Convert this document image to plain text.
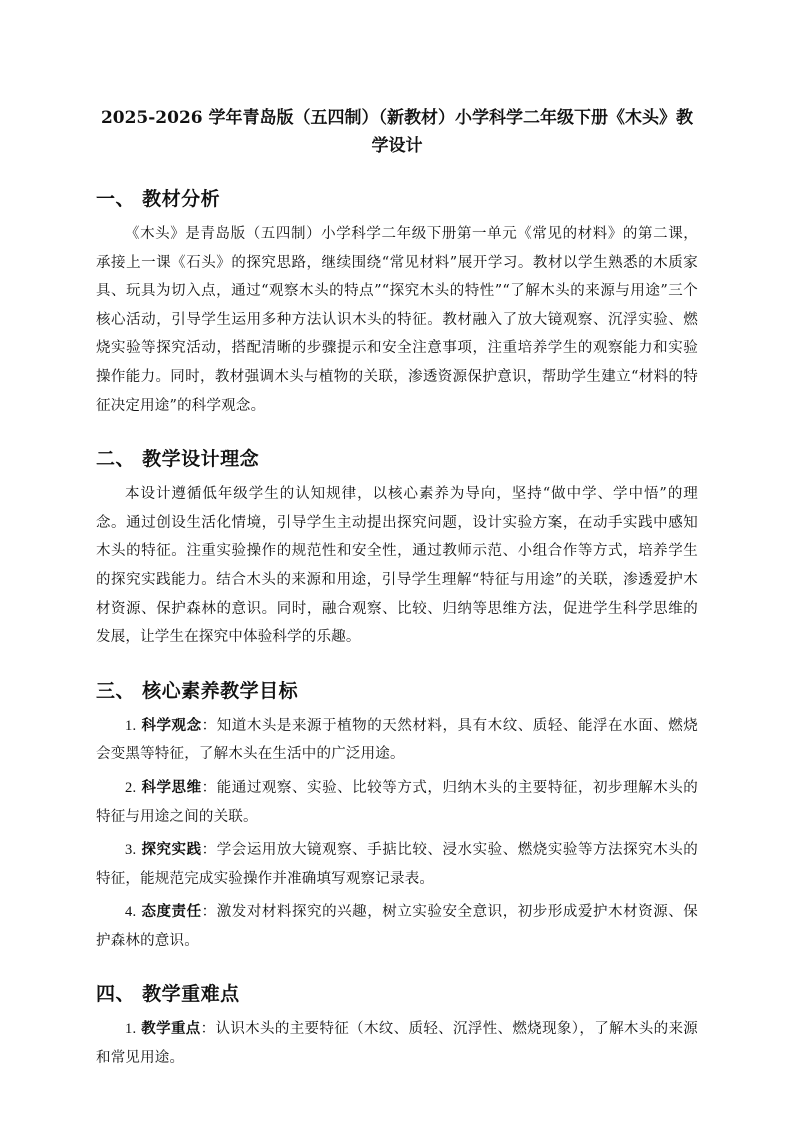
2025-2026 学年青岛版（五四制）（新教材）小学科学二年级下册《木头》教学设计
一、 教材分析

《木头》是青岛版（五四制）小学科学二年级下册第一单元《常见的材料》的第二课，承接上一课《石头》的探究思路，继续围绕“常见材料”展开学习。教材以学生熟悉的木质家具、玩具为切入点，通过“观察木头的特点”“探究木头的特性”“了解木头的来源与用途”三个核心活动，引导学生运用多种方法认识木头的特征。教材融入了放大镜观察、沉浮实验、燃烧实验等探究活动，搭配清晰的步骤提示和安全注意事项，注重培养学生的观察能力和实验操作能力。同时，教材强调木头与植物的关联，渗透资源保护意识，帮助学生建立“材料的特征决定用途”的科学观念。

二、 教学设计理念

本设计遵循低年级学生的认知规律，以核心素养为导向，坚持“做中学、学中悟”的理念。通过创设生活化情境，引导学生主动提出探究问题，设计实验方案，在动手实践中感知木头的特征。注重实验操作的规范性和安全性，通过教师示范、小组合作等方式，培养学生的探究实践能力。结合木头的来源和用途，引导学生理解“特征与用途”的关联，渗透爱护木材资源、保护森林的意识。同时，融合观察、比较、归纳等思维方法，促进学生科学思维的发展，让学生在探究中体验科学的乐趣。

三、 核心素养教学目标

1. 科学观念：知道木头是来源于植物的天然材料，具有木纹、质轻、能浮在水面、燃烧会变黑等特征，了解木头在生活中的广泛用途。

2. 科学思维：能通过观察、实验、比较等方式，归纳木头的主要特征，初步理解木头的特征与用途之间的关联。

3. 探究实践：学会运用放大镜观察、手掂比较、浸水实验、燃烧实验等方法探究木头的特征，能规范完成实验操作并准确填写观察记录表。

4. 态度责任：激发对材料探究的兴趣，树立实验安全意识，初步形成爱护木材资源、保护森林的意识。

四、 教学重难点

1. 教学重点：认识木头的主要特征（木纹、质轻、沉浮性、燃烧现象），了解木头的来源和常见用途。
